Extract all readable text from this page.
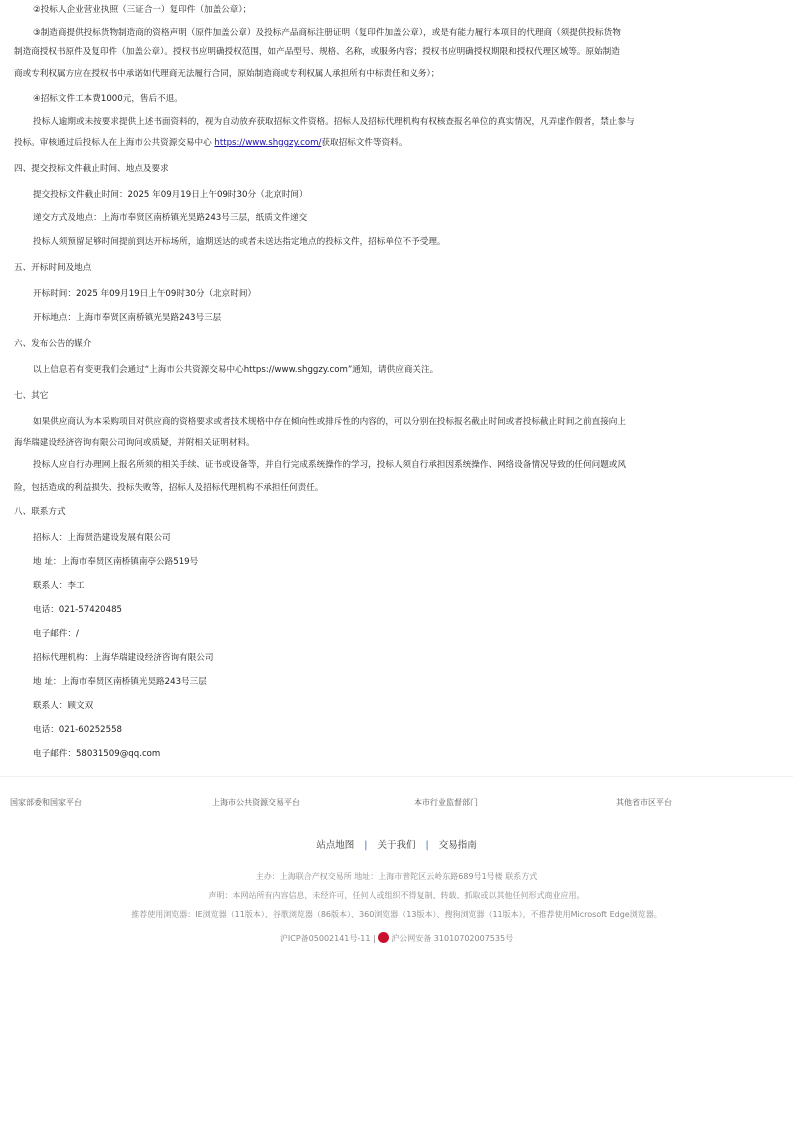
②投标人企业营业执照（三证合一）复印件（加盖公章）；
③制造商提供投标货物制造商的资格声明（原件加盖公章）及投标产品商标注册证明（复印件加盖公章），或是有能力履行本项目的代理商（须提供投标货物
制造商授权书原件及复印件（加盖公章）。授权书应明确授权范围，如产品型号、规格、名称，或服务内容；授权书应明确授权期限和授权代理区域等。原始制造
商或专利权属方应在授权书中承诺如代理商无法履行合同，原始制造商或专利权属人承担所有中标责任和义务）；
④招标文件工本费1000元，售后不退。
投标人逾期或未按要求提供上述书面资料的，视为自动放弃获取招标文件资格。招标人及招标代理机构有权核查报名单位的真实情况，凡弄虚作假者，禁止参与
投标。审核通过后投标人在上海市公共资源交易中心 https://www.shggzy.com/获取招标文件等资料。
四、提交投标文件截止时间、地点及要求
提交投标文件截止时间：2025 年09月19日上午09时30分（北京时间）
递交方式及地点：上海市奉贤区南桥镇光昊路243号三层，纸质文件递交
投标人须预留足够时间提前到达开标场所，逾期送达的或者未送达指定地点的投标文件，招标单位不予受理。
五、开标时间及地点
开标时间：2025 年09月19日上午09时30分（北京时间）
开标地点：上海市奉贤区南桥镇光昊路243号三层
六、发布公告的媒介
以上信息若有变更我们会通过“上海市公共资源交易中心https://www.shggzy.com”通知，请供应商关注。
七、其它
如果供应商认为本采购项目对供应商的资格要求或者技术规格中存在倾向性或排斥性的内容的，可以分别在投标报名截止时间或者投标截止时间之前直接向上
海华瑞建设经济咨询有限公司询问或质疑，并附相关证明材料。
投标人应自行办理网上报名所须的相关手续、证书或设备等，并自行完成系统操作的学习，投标人须自行承担因系统操作、网络设备情况导致的任何问题或风
险，包括造成的利益损失、投标失败等，招标人及招标代理机构不承担任何责任。
八、联系方式
招标人：上海贤浩建设发展有限公司
地 址：上海市奉贤区南桥镇南亭公路519号
联系人：李工
电话：021-57420485
电子邮件：/
招标代理机构：上海华瑞建设经济咨询有限公司
地 址：上海市奉贤区南桥镇光昊路243号三层
联系人：顾文双
电话：021-60252558
电子邮件：58031509@qq.com
国家部委和国家平台	上海市公共资源交易平台	本市行业监督部门	其他省市区平台
站点地图 | 关于我们 | 交易指南
主办：上海联合产权交易所 地址：上海市普陀区云岭东路689号1号楼 联系方式
声明：本网站所有内容信息，未经许可，任何人或组织不得复制、转载、抓取或以其他任何形式商业应用。
推荐使用浏览器：IE浏览器（11版本）、谷歌浏览器（86版本）、360浏览器（13版本）、搜狗浏览器（11版本），不推荐使用Microsoft Edge浏览器。
沪ICP备05002141号-11 | 沪公网安备 31010702007535号
